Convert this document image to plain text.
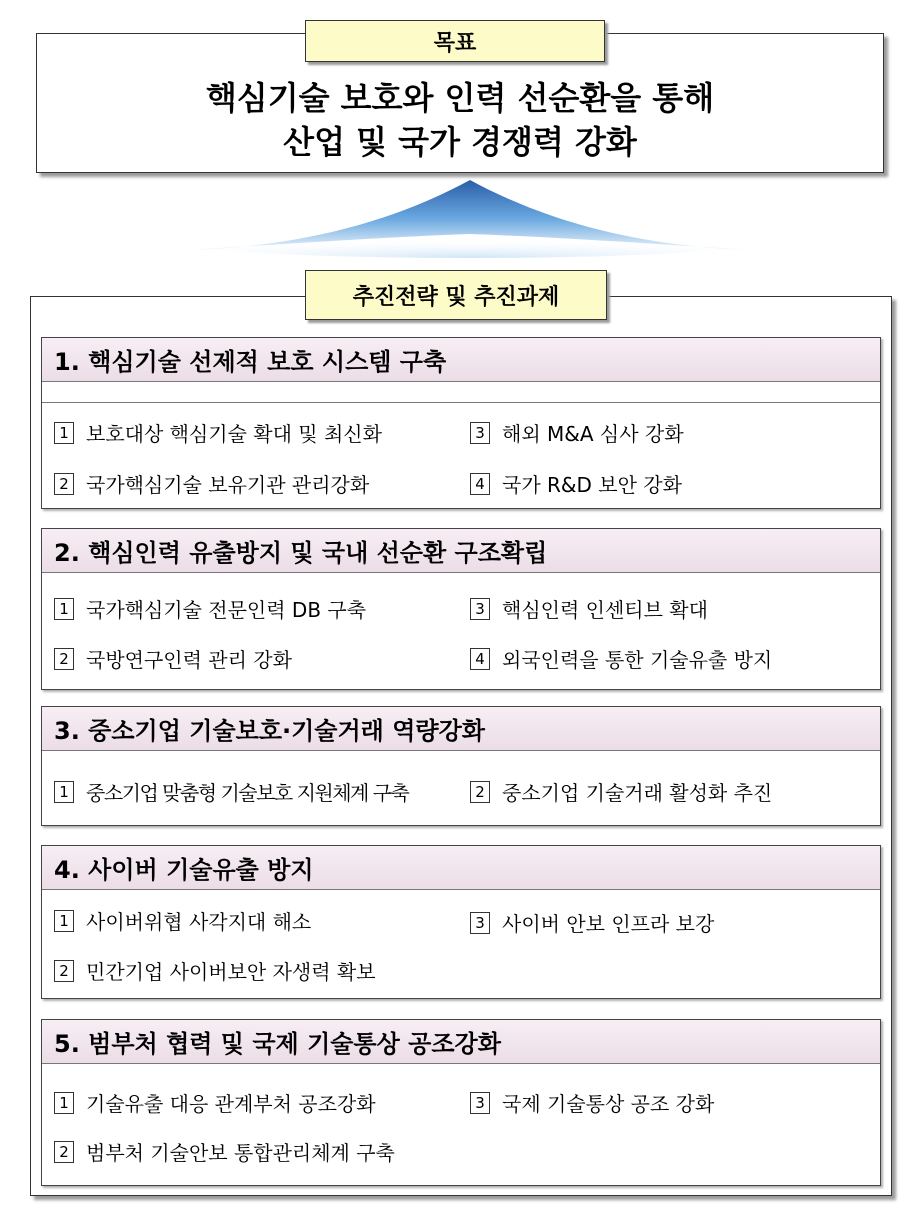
목표
핵심기술 보호와 인력 선순환을 통해
산업 및 국가 경쟁력 강화
추진전략 및 추진과제
1. 핵심기술 선제적 보호 시스템 구축
1 보호대상 핵심기술 확대 및 최신화	3 해외 M&A 심사 강화
2 국가핵심기술 보유기관 관리강화	4 국가 R&D 보안 강화
2. 핵심인력 유출방지 및 국내 선순환 구조확립
1 국가핵심기술 전문인력 DB 구축	3 핵심인력 인센티브 확대
2 국방연구인력 관리 강화	4 외국인력을 통한 기술유출 방지
3. 중소기업 기술보호·기술거래 역량강화
1 중소기업 맞춤형 기술보호 지원체계 구축	2 중소기업 기술거래 활성화 추진
4. 사이버 기술유출 방지
1 사이버위협 사각지대 해소	3 사이버 안보 인프라 보강
2 민간기업 사이버보안 자생력 확보
5. 범부처 협력 및 국제 기술통상 공조강화
1 기술유출 대응 관계부처 공조강화	3 국제 기술통상 공조 강화
2 범부처 기술안보 통합관리체계 구축
